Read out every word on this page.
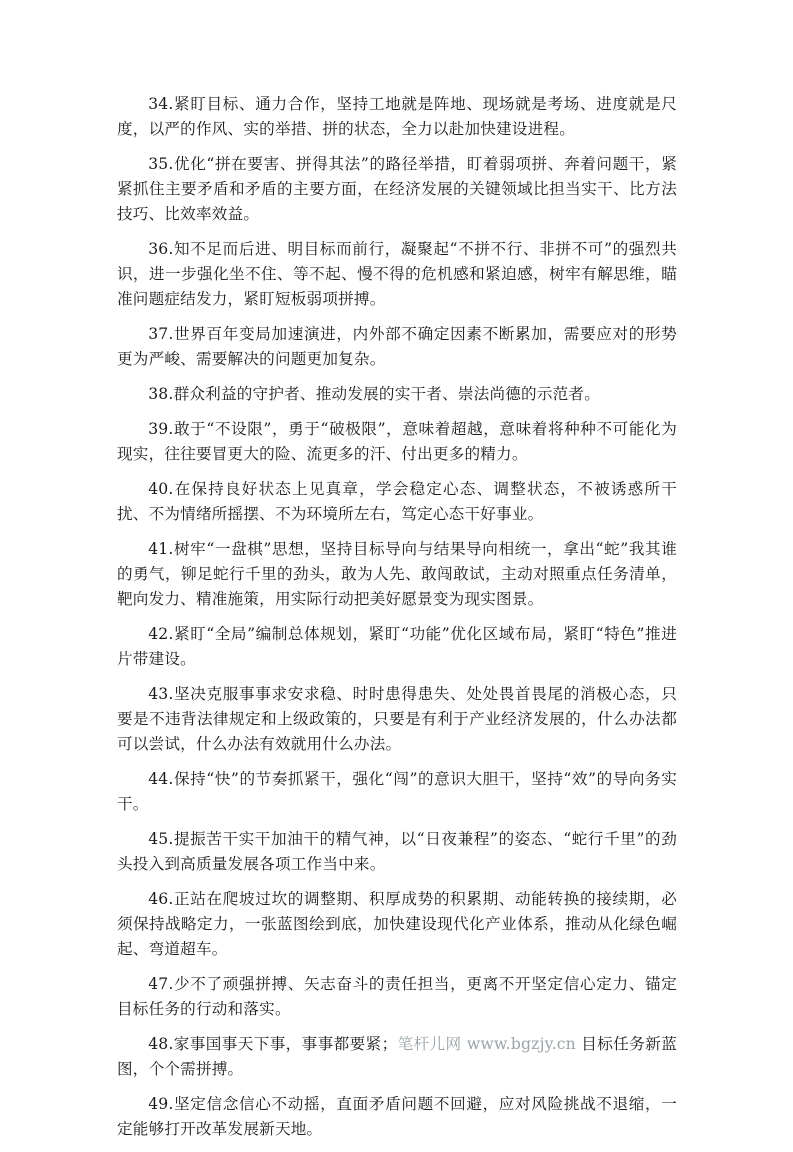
34.紧盯目标、通力合作，坚持工地就是阵地、现场就是考场、进度就是尺度，以严的作风、实的举措、拼的状态，全力以赴加快建设进程。

35.优化“拼在要害、拼得其法”的路径举措，盯着弱项拼、奔着问题干，紧紧抓住主要矛盾和矛盾的主要方面，在经济发展的关键领域比担当实干、比方法技巧、比效率效益。

36.知不足而后进、明目标而前行，凝聚起“不拼不行、非拼不可”的强烈共识，进一步强化坐不住、等不起、慢不得的危机感和紧迫感，树牢有解思维，瞄准问题症结发力，紧盯短板弱项拼搏。

37.世界百年变局加速演进，内外部不确定因素不断累加，需要应对的形势更为严峻、需要解决的问题更加复杂。

38.群众利益的守护者、推动发展的实干者、崇法尚德的示范者。

39.敢于“不设限”，勇于“破极限”，意味着超越，意味着将种种不可能化为现实，往往要冒更大的险、流更多的汗、付出更多的精力。

40.在保持良好状态上见真章，学会稳定心态、调整状态，不被诱惑所干扰、不为情绪所摇摆、不为环境所左右，笃定心态干好事业。

41.树牢“一盘棋”思想，坚持目标导向与结果导向相统一，拿出“蛇”我其谁的勇气，铆足蛇行千里的劲头，敢为人先、敢闯敢试，主动对照重点任务清单，靶向发力、精准施策，用实际行动把美好愿景变为现实图景。

42.紧盯“全局”编制总体规划，紧盯“功能”优化区域布局，紧盯“特色”推进片带建设。

43.坚决克服事事求安求稳、时时患得患失、处处畏首畏尾的消极心态，只要是不违背法律规定和上级政策的，只要是有利于产业经济发展的，什么办法都可以尝试，什么办法有效就用什么办法。

44.保持“快”的节奏抓紧干，强化“闯”的意识大胆干，坚持“效”的导向务实干。

45.提振苦干实干加油干的精气神，以“日夜兼程”的姿态、“蛇行千里”的劲头投入到高质量发展各项工作当中来。

46.正站在爬坡过坎的调整期、积厚成势的积累期、动能转换的接续期，必须保持战略定力，一张蓝图绘到底，加快建设现代化产业体系，推动从化绿色崛起、弯道超车。

47.少不了顽强拼搏、矢志奋斗的责任担当，更离不开坚定信心定力、锚定目标任务的行动和落实。

48.家事国事天下事，事事都要紧；笔杆儿网 www.bgzjy.cn 目标任务新蓝图，个个需拼搏。

49.坚定信念信心不动摇，直面矛盾问题不回避，应对风险挑战不退缩，一定能够打开改革发展新天地。
